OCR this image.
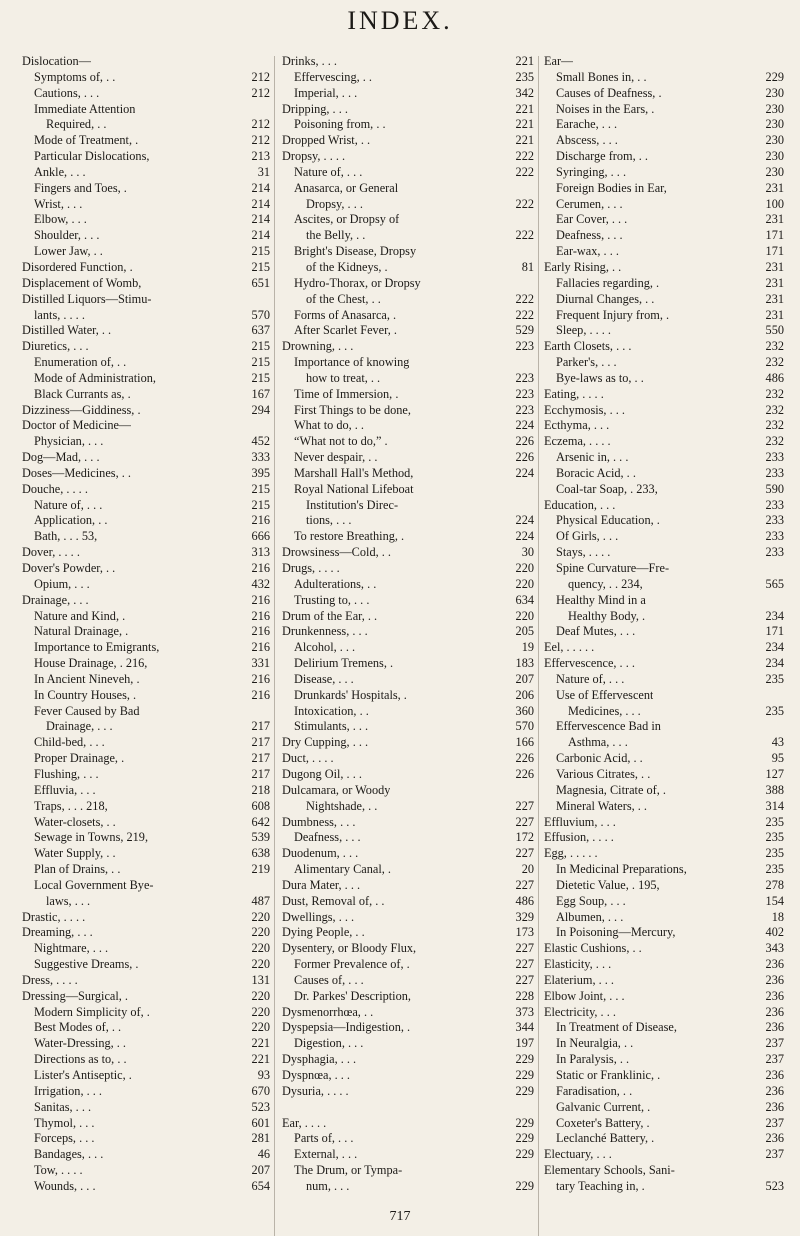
INDEX.
Dislocation—
Symptoms of, . .	212
Cautions, . . .	212
Immediate Attention
Required, . .	212
Mode of Treatment, .	212
Particular Dislocations,	213
Ankle, . . .	31
Fingers and Toes, .	214
Wrist, . . .	214
Elbow, . . .	214
Shoulder, . . .	214
Lower Jaw, . .	215
Disordered Function, .	215
Displacement of Womb,	651
Distilled Liquors—Stimu-
lants, . . . .	570
Distilled Water, . .	637
Diuretics, . . .	215
Enumeration of, . .	215
Mode of Administration,	215
Black Currants as, .	167
Dizziness—Giddiness, .	294
Doctor of Medicine—
Physician, . . .	452
Dog—Mad, . . .	333
Doses—Medicines, . .	395
Douche, . . . .	215
Nature of, . . .	215
Application, . .	216
Bath, . . . 53,	666
Dover, . . . .	313
Dover's Powder, . .	216
Opium, . . .	432
Drainage, . . .	216
Nature and Kind, .	216
Natural Drainage, .	216
Importance to Emigrants,	216
House Drainage, . 216,	331
In Ancient Nineveh, .	216
In Country Houses, .	216
Fever Caused by Bad
Drainage, . . .	217
Child-bed, . . .	217
Proper Drainage, .	217
Flushing, . . .	217
Effluvia, . . .	218
Traps, . . . 218,	608
Water-closets, . .	642
Sewage in Towns, 219,	539
Water Supply, . .	638
Plan of Drains, . .	219
Local Government Bye-
laws, . . .	487
Drastic, . . . .	220
Dreaming, . . .	220
Nightmare, . . .	220
Suggestive Dreams, .	220
Dress, . . . .	131
Dressing—Surgical, .	220
Modern Simplicity of, .	220
Best Modes of, . .	220
Water-Dressing, . .	221
Directions as to, . .	221
Lister's Antiseptic, .	93
Irrigation, . . .	670
Sanitas, . . .	523
Thymol, . . .	601
Forceps, . . .	281
Bandages, . . .	46
Tow, . . . .	207
Wounds, . . .	654
Drinks, . . .	221
Effervescing, . .	235
Imperial, . . .	342
Dripping, . . .	221
Poisoning from, . .	221
Dropped Wrist, . .	221
Dropsy, . . . .	222
Nature of, . . .	222
Anasarca, or General
Dropsy, . . .	222
Ascites, or Dropsy of
the Belly, . .	222
Bright's Disease, Dropsy
of the Kidneys, .	81
Hydro-Thorax, or Dropsy
of the Chest, . .	222
Forms of Anasarca, .	222
After Scarlet Fever, .	529
Drowning, . . .	223
Importance of knowing
how to treat, . .	223
Time of Immersion, .	223
First Things to be done,	223
What to do, . .	224
“What not to do,” .	226
Never despair, . .	226
Marshall Hall's Method,	224
Royal National Lifeboat
Institution's Direc-
tions, . . .	224
To restore Breathing, .	224
Drowsiness—Cold, . .	30
Drugs, . . . .	220
Adulterations, . .	220
Trusting to, . . .	634
Drum of the Ear, . .	220
Drunkenness, . . .	205
Alcohol, . . .	19
Delirium Tremens, .	183
Disease, . . .	207
Drunkards' Hospitals, .	206
Intoxication, . .	360
Stimulants, . . .	570
Dry Cupping, . . .	166
Duct, . . . .	226
Dugong Oil, . . .	226
Dulcamara, or Woody
Nightshade, . .	227
Dumbness, . . .	227
Deafness, . . .	172
Duodenum, . . .	227
Alimentary Canal, .	20
Dura Mater, . . .	227
Dust, Removal of, . .	486
Dwellings, . . .	329
Dying People, . .	173
Dysentery, or Bloody Flux,	227
Former Prevalence of, .	227
Causes of, . . .	227
Dr. Parkes' Description,	228
Dysmenorrhœa, . .	373
Dyspepsia—Indigestion, .	344
Digestion, . . .	197
Dysphagia, . . .	229
Dyspnœa, . . .	229
Dysuria, . . . .	229

Ear, . . . .	229
Parts of, . . .	229
External, . . .	229
The Drum, or Tympa-
num, . . .	229
Ear—
Small Bones in, . .	229
Causes of Deafness, .	230
Noises in the Ears, .	230
Earache, . . .	230
Abscess, . . .	230
Discharge from, . .	230
Syringing, . . .	230
Foreign Bodies in Ear,	231
Cerumen, . . .	100
Ear Cover, . . .	231
Deafness, . . .	171
Ear-wax, . . .	171
Early Rising, . .	231
Fallacies regarding, .	231
Diurnal Changes, . .	231
Frequent Injury from, .	231
Sleep, . . . .	550
Earth Closets, . . .	232
Parker's, . . .	232
Bye-laws as to, . .	486
Eating, . . . .	232
Ecchymosis, . . .	232
Ecthyma, . . .	232
Eczema, . . . .	232
Arsenic in, . . .	233
Boracic Acid, . .	233
Coal-tar Soap, . 233,	590
Education, . . .	233
Physical Education, .	233
Of Girls, . . .	233
Stays, . . . .	233
Spine Curvature—Fre-
quency, . . 234,	565
Healthy Mind in a
Healthy Body, .	234
Deaf Mutes, . . .	171
Eel, . . . . .	234
Effervescence, . . .	234
Nature of, . . .	235
Use of Effervescent
Medicines, . . .	235
Effervescence Bad in
Asthma, . . .	43
Carbonic Acid, . .	95
Various Citrates, . .	127
Magnesia, Citrate of, .	388
Mineral Waters, . .	314
Effluvium, . . .	235
Effusion, . . . .	235
Egg, . . . . .	235
In Medicinal Preparations,	235
Dietetic Value, . 195,	278
Egg Soup, . . .	154
Albumen, . . .	18
In Poisoning—Mercury,	402
Elastic Cushions, . .	343
Elasticity, . . .	236
Elaterium, . . .	236
Elbow Joint, . . .	236
Electricity, . . .	236
In Treatment of Disease,	236
In Neuralgia, . .	237
In Paralysis, . .	237
Static or Franklinic, .	236
Faradisation, . .	236
Galvanic Current, .	236
Coxeter's Battery, .	237
Leclanché Battery, .	236
Electuary, . . .	237
Elementary Schools, Sani-
tary Teaching in, .	523
717
